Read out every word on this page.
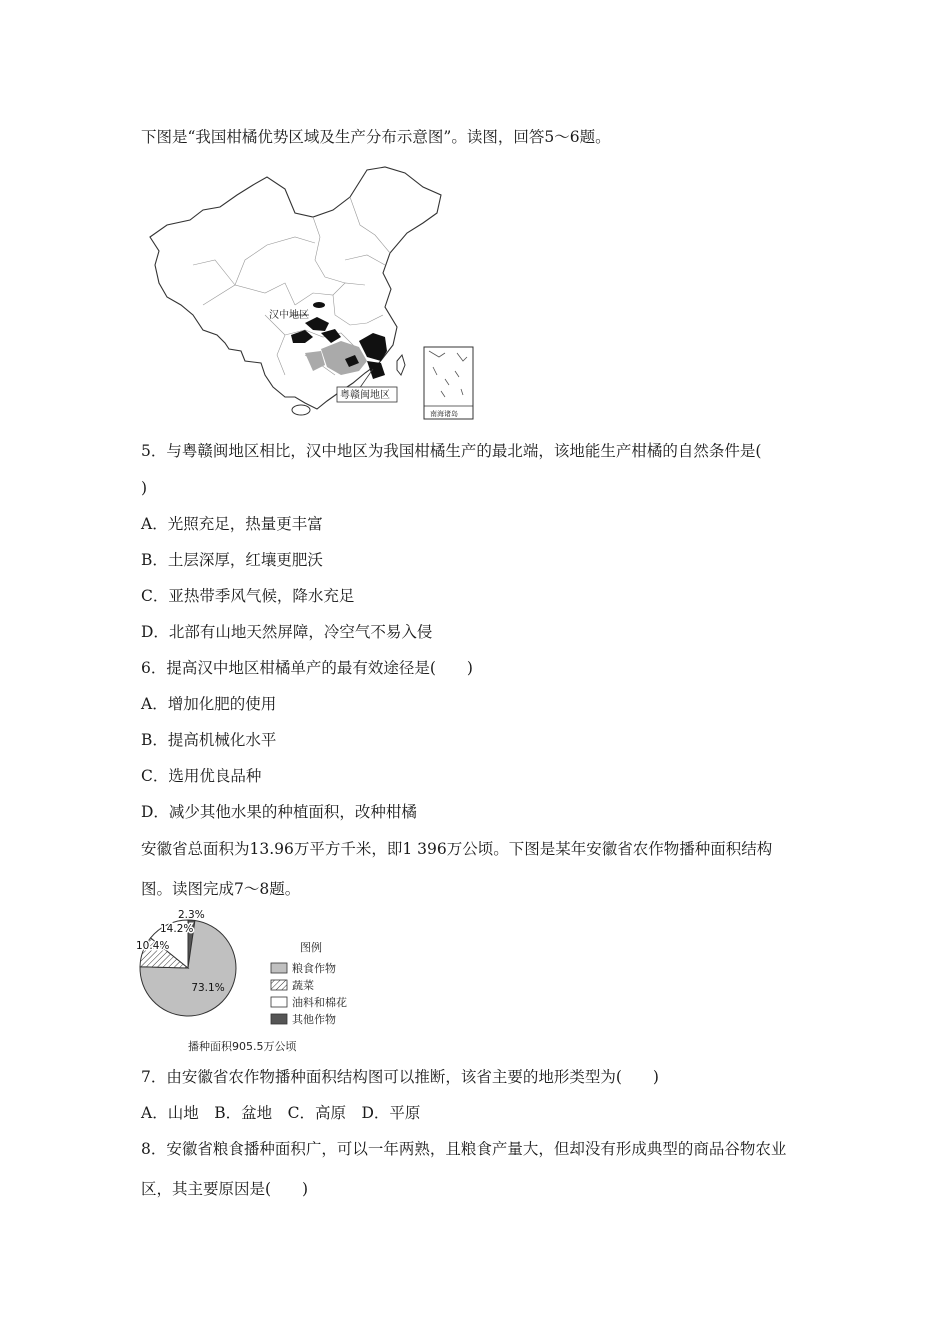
下图是“我国柑橘优势区域及生产分布示意图”。读图，回答5～6题。
汉中地区
粤赣闽地区
南海诸岛
5．与粤赣闽地区相比，汉中地区为我国柑橘生产的最北端，该地能生产柑橘的自然条件是(
)
A．光照充足，热量更丰富
B．土层深厚，红壤更肥沃
C．亚热带季风气候，降水充足
D．北部有山地天然屏障，冷空气不易入侵
6．提高汉中地区柑橘单产的最有效途径是(　　)
A．增加化肥的使用
B．提高机械化水平
C．选用优良品种
D．减少其他水果的种植面积，改种柑橘
安徽省总面积为13.96万平方千米，即1 396万公顷。下图是某年安徽省农作物播种面积结构
图。读图完成7～8题。
73.1%
10.4%
14.2%
2.3%
图例
粮食作物
蔬菜
油料和棉花
其他作物
播种面积905.5万公顷
7．由安徽省农作物播种面积结构图可以推断，该省主要的地形类型为(　　)
A．山地　B．盆地　C．高原　D．平原
8．安徽省粮食播种面积广，可以一年两熟，且粮食产量大，但却没有形成典型的商品谷物农业
区，其主要原因是(　　)
